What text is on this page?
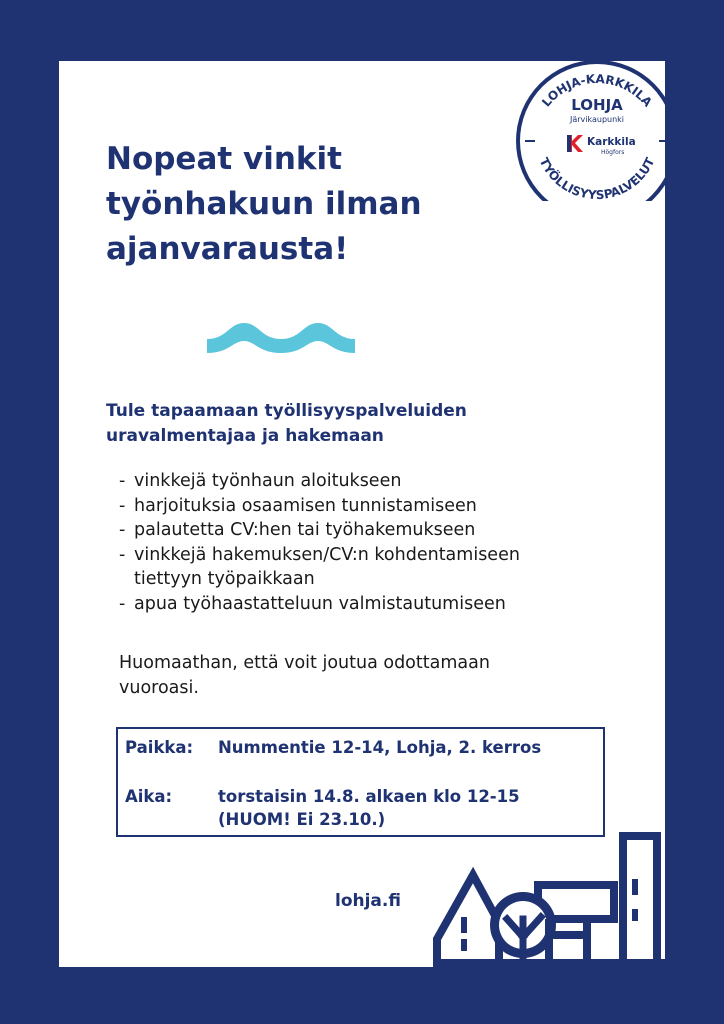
Nopeat vinkit
työnhakuun ilman
ajanvarausta!
Tule tapaamaan työllisyyspalveluiden
uravalmentajaa ja hakemaan
- vinkkejä työnhaun aloitukseen
- harjoituksia osaamisen tunnistamiseen
- palautetta CV:hen tai työhakemukseen
- vinkkejä hakemuksen/CV:n kohdentamiseen
tiettyyn työpaikkaan
- apua työhaastatteluun valmistautumiseen
Huomaathan, että voit joutua odottamaan
vuoroasi.
Paikka: Nummentie 12-14, Lohja, 2. kerros
Aika:	torstaisin 14.8. alkaen klo 12-15
(HUOM! Ei 23.10.)
lohja.fi
LOHJA-KARKKILA
TYÖLLISYYSPALVELUT
LOHJA
Järvikaupunki
Karkkila
Högfors
